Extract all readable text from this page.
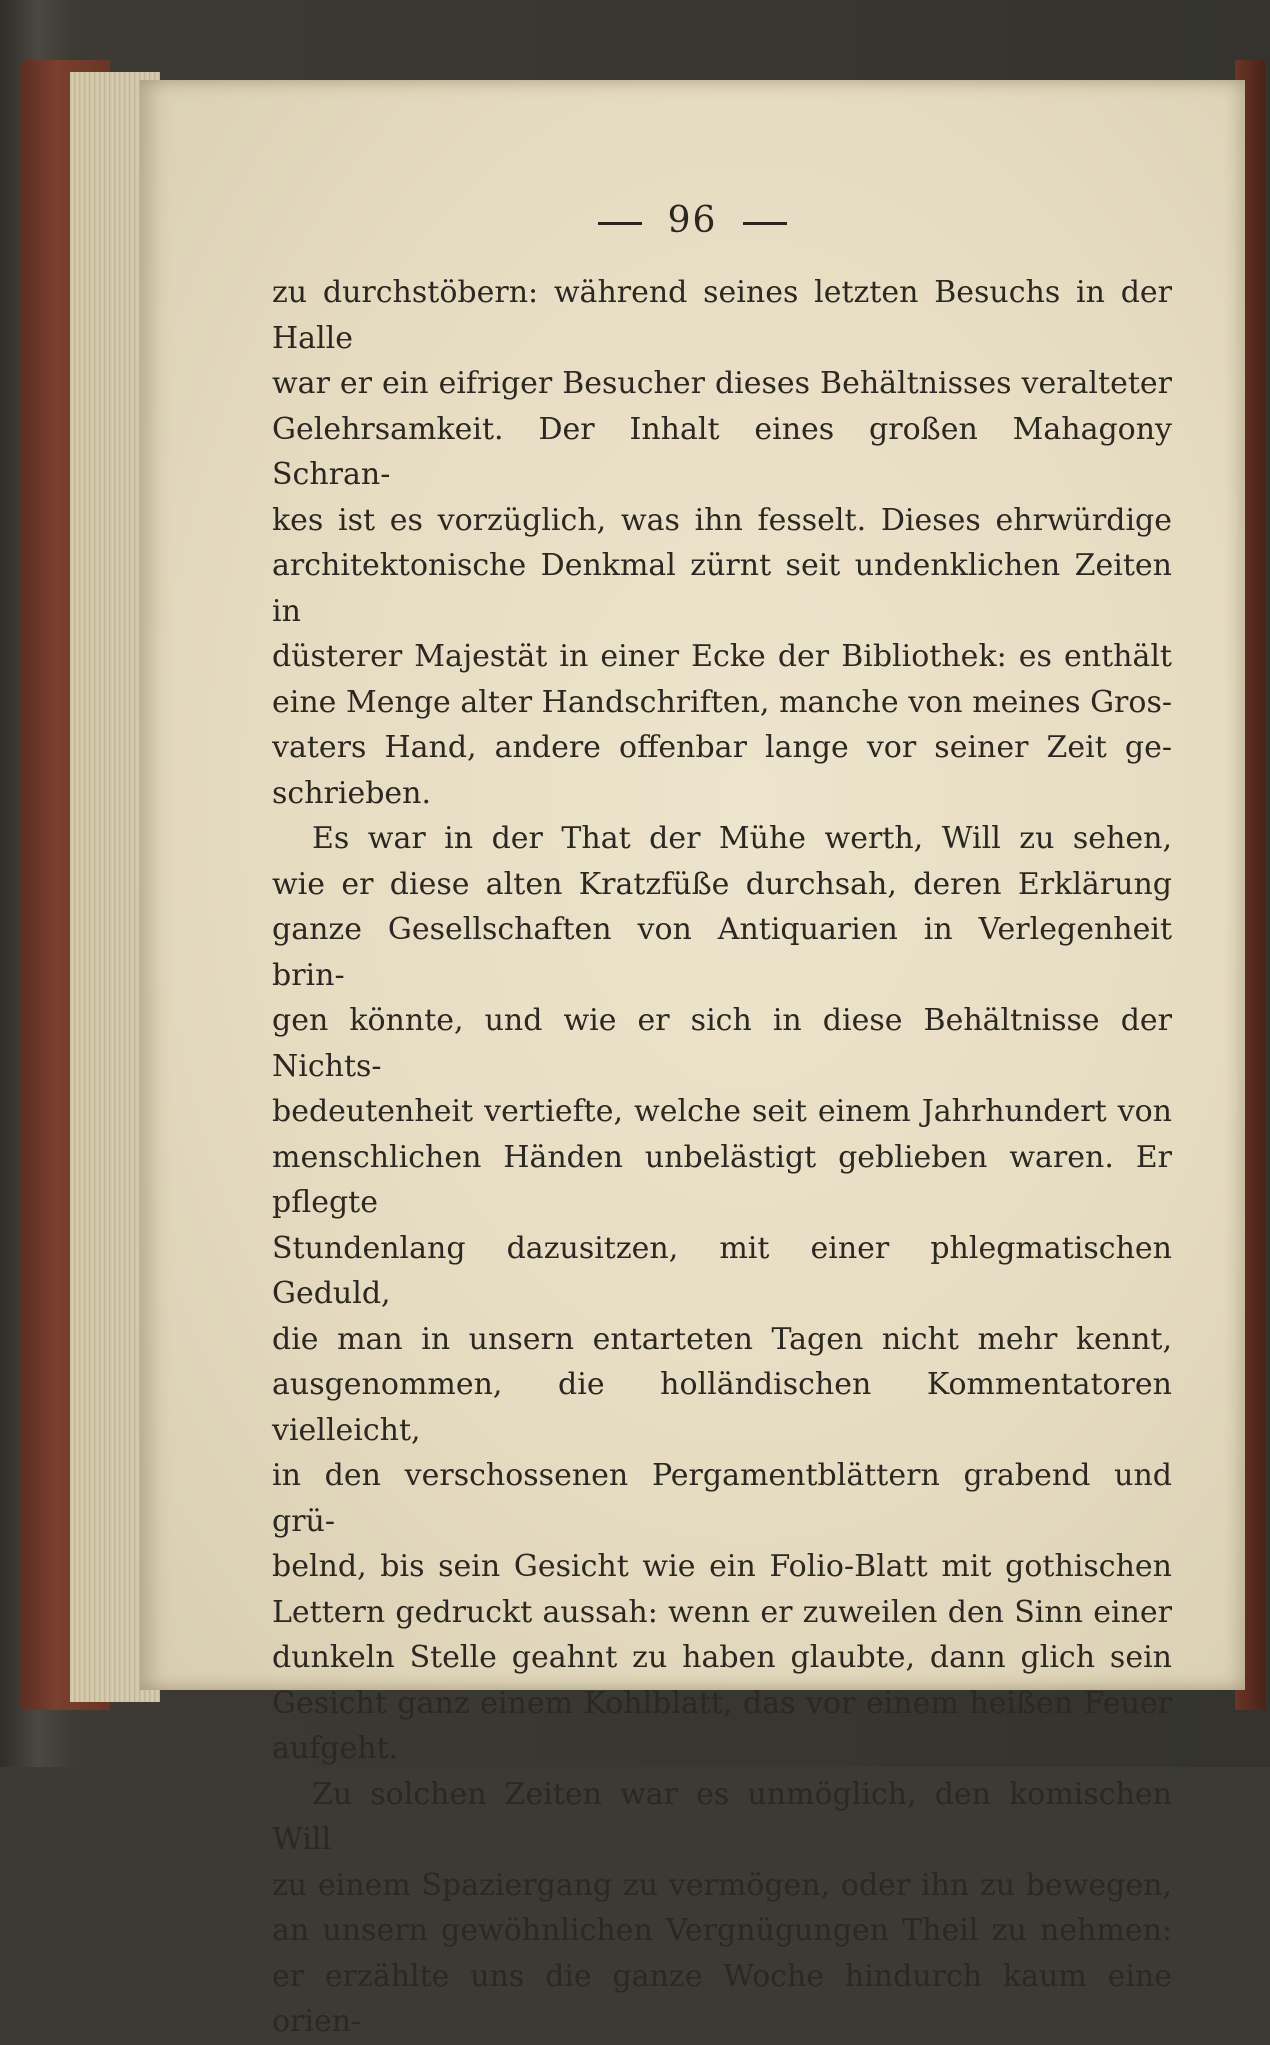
96

zu durchstöbern: während seines letzten Besuchs in der Halle

war er ein eifriger Besucher dieses Behältnisses veralteter

Gelehrsamkeit. Der Inhalt eines großen Mahagony Schran-

kes ist es vorzüglich, was ihn fesselt. Dieses ehrwürdige

architektonische Denkmal zürnt seit undenklichen Zeiten in

düsterer Majestät in einer Ecke der Bibliothek: es enthält

eine Menge alter Handschriften, manche von meines Gros-

vaters Hand, andere offenbar lange vor seiner Zeit ge-

schrieben.

Es war in der That der Mühe werth, Will zu sehen,

wie er diese alten Kratzfüße durchsah, deren Erklärung

ganze Gesellschaften von Antiquarien in Verlegenheit brin-

gen könnte, und wie er sich in diese Behältnisse der Nichts-

bedeutenheit vertiefte, welche seit einem Jahrhundert von

menschlichen Händen unbelästigt geblieben waren. Er pflegte

Stundenlang dazusitzen, mit einer phlegmatischen Geduld,

die man in unsern entarteten Tagen nicht mehr kennt,

ausgenommen, die holländischen Kommentatoren vielleicht,

in den verschossenen Pergamentblättern grabend und grü-

belnd, bis sein Gesicht wie ein Folio-Blatt mit gothischen

Lettern gedruckt aussah: wenn er zuweilen den Sinn einer

dunkeln Stelle geahnt zu haben glaubte, dann glich sein

Gesicht ganz einem Kohlblatt, das vor einem heißen Feuer

aufgeht.

Zu solchen Zeiten war es unmöglich, den komischen Will

zu einem Spaziergang zu vermögen, oder ihn zu bewegen,

an unsern gewöhnlichen Vergnügungen Theil zu nehmen:

er erzählte uns die ganze Woche hindurch kaum eine orien-
